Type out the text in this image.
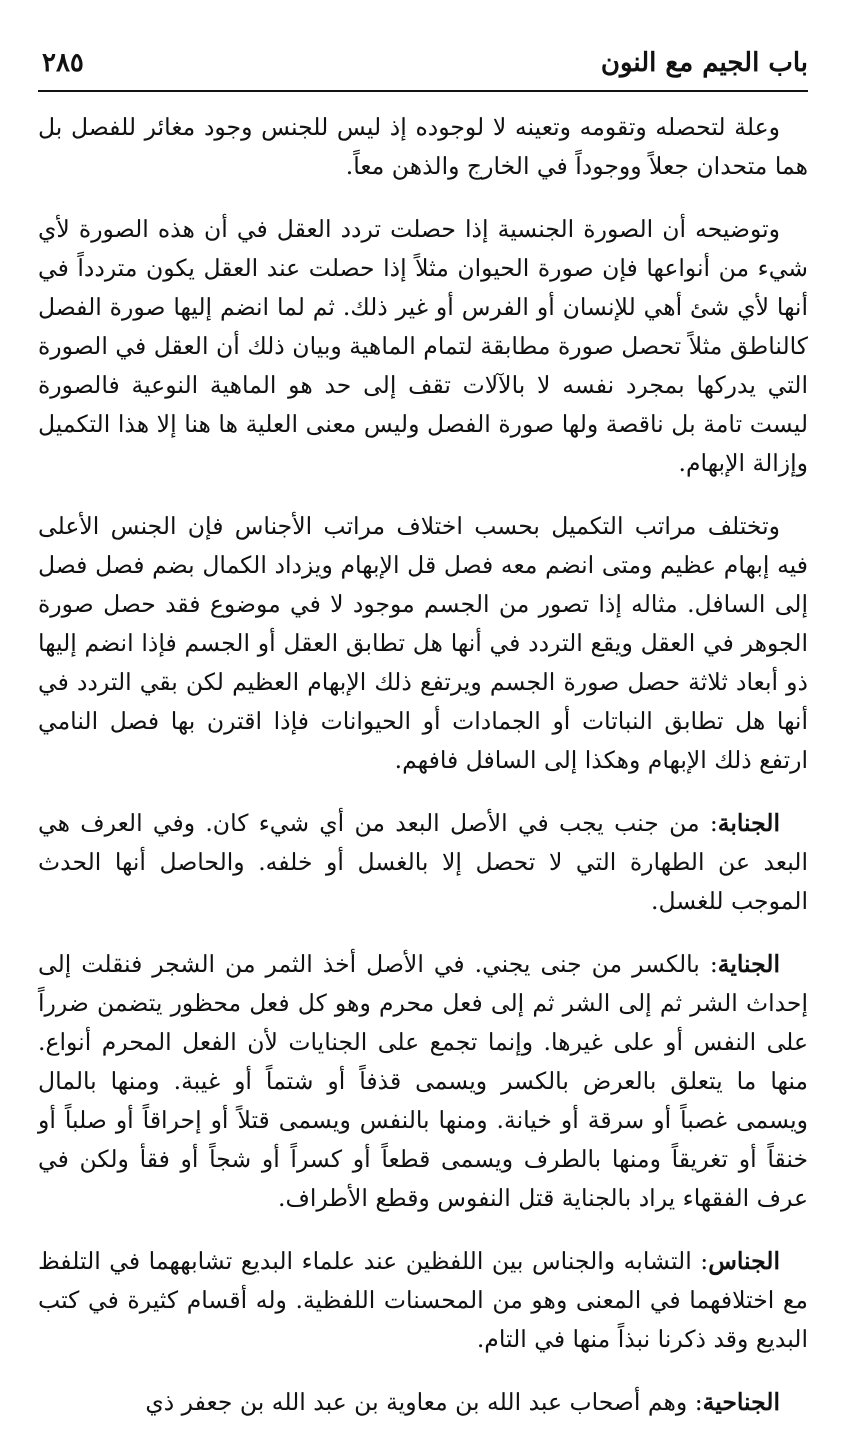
٢٨٥	باب الجيم مع النون

وعلة لتحصله وتقومه وتعينه لا لوجوده إذ ليس للجنس وجود مغائر للفصل بل هما متحدان جعلاً ووجوداً في الخارج والذهن معاً.

وتوضيحه أن الصورة الجنسية إذا حصلت تردد العقل في أن هذه الصورة لأي شيء من أنواعها فإن صورة الحيوان مثلاً إذا حصلت عند العقل يكون متردداً في أنها لأي شئ أهي للإنسان أو الفرس أو غير ذلك. ثم لما انضم إليها صورة الفصل كالناطق مثلاً تحصل صورة مطابقة لتمام الماهية وبيان ذلك أن العقل في الصورة التي يدركها بمجرد نفسه لا بالآلات تقف إلى حد هو الماهية النوعية فالصورة ليست تامة بل ناقصة ولها صورة الفصل وليس معنى العلية ها هنا إلا هذا التكميل وإزالة الإبهام.

وتختلف مراتب التكميل بحسب اختلاف مراتب الأجناس فإن الجنس الأعلى فيه إبهام عظيم ومتى انضم معه فصل قل الإبهام ويزداد الكمال بضم فصل فصل إلى السافل. مثاله إذا تصور من الجسم موجود لا في موضوع فقد حصل صورة الجوهر في العقل ويقع التردد في أنها هل تطابق العقل أو الجسم فإذا انضم إليها ذو أبعاد ثلاثة حصل صورة الجسم ويرتفع ذلك الإبهام العظيم لكن بقي التردد في أنها هل تطابق النباتات أو الجمادات أو الحيوانات فإذا اقترن بها فصل النامي ارتفع ذلك الإبهام وهكذا إلى السافل فافهم.

الجنابة: من جنب يجب في الأصل البعد من أي شيء كان. وفي العرف هي البعد عن الطهارة التي لا تحصل إلا بالغسل أو خلفه. والحاصل أنها الحدث الموجب للغسل.

الجناية: بالكسر من جنى يجني. في الأصل أخذ الثمر من الشجر فنقلت إلى إحداث الشر ثم إلى الشر ثم إلى فعل محرم وهو كل فعل محظور يتضمن ضرراً على النفس أو على غيرها. وإنما تجمع على الجنايات لأن الفعل المحرم أنواع. منها ما يتعلق بالعرض بالكسر ويسمى قذفاً أو شتماً أو غيبة. ومنها بالمال ويسمى غصباً أو سرقة أو خيانة. ومنها بالنفس ويسمى قتلاً أو إحراقاً أو صلباً أو خنقاً أو تغريقاً ومنها بالطرف ويسمى قطعاً أو كسراً أو شجاً أو فقأ ولكن في عرف الفقهاء يراد بالجناية قتل النفوس وقطع الأطراف.

الجناس: التشابه والجناس بين اللفظين عند علماء البديع تشابههما في التلفظ مع اختلافهما في المعنى وهو من المحسنات اللفظية. وله أقسام كثيرة في كتب البديع وقد ذكرنا نبذاً منها في التام.

الجناحية: وهم أصحاب عبد الله بن معاوية بن عبد الله بن جعفر ذي
